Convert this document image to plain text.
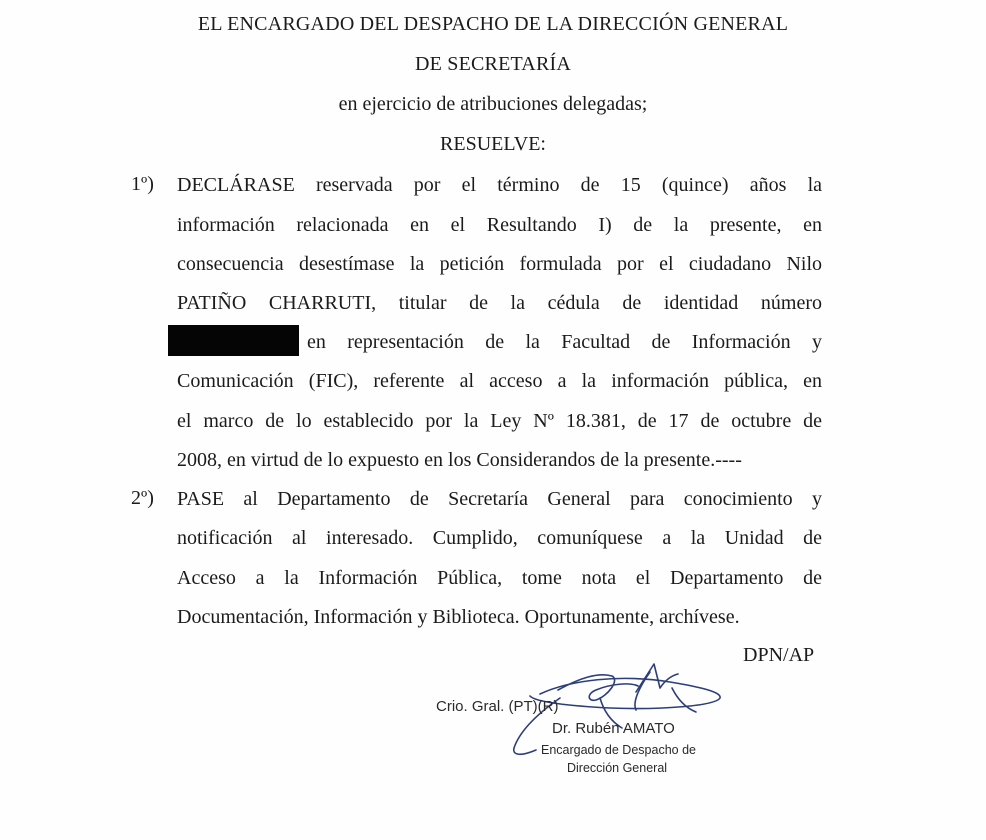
EL ENCARGADO DEL DESPACHO DE LA DIRECCIÓN GENERAL
DE SECRETARÍA
en ejercicio de atribuciones delegadas;
RESUELVE:
1º) DECLÁRASE reservada por el término de 15 (quince) años la
información relacionada en el Resultando I) de la presente, en
consecuencia desestímase la petición formulada por el ciudadano Nilo
PATIÑO CHARRUTI, titular de la cédula de identidad número
en representación de la Facultad de Información y
Comunicación (FIC), referente al acceso a la información pública, en
el marco de lo establecido por la Ley Nº 18.381, de 17 de octubre de
2008, en virtud de lo expuesto en los Considerandos de la presente.----
2º) PASE al Departamento de Secretaría General para conocimiento y
notificación al interesado. Cumplido, comuníquese a la Unidad de
Acceso a la Información Pública, tome nota el Departamento de
Documentación, Información y Biblioteca. Oportunamente, archívese.
DPN/AP
Crio. Gral. (PT)(R)
Dr. Rubén AMATO
Encargado de Despacho de
Dirección General
